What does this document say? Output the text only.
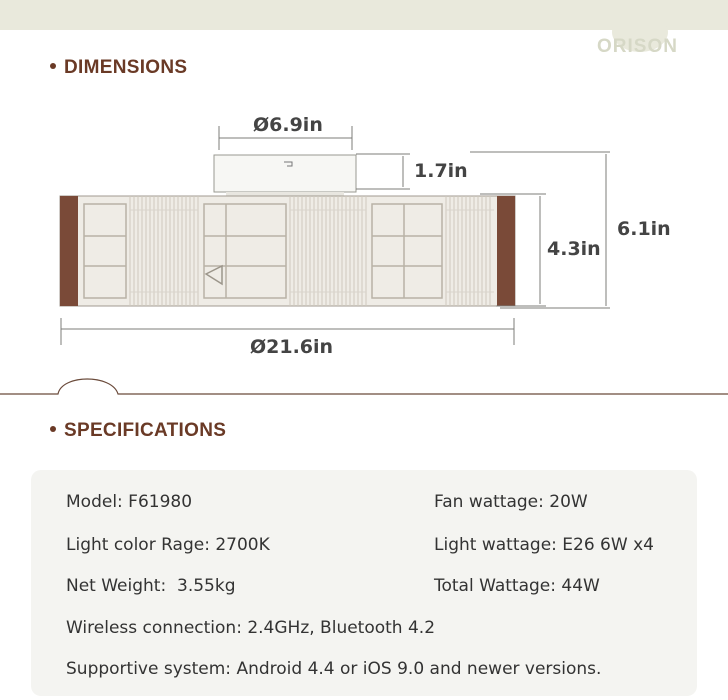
ORISON
DIMENSIONS
Ø6.9in
1.7in
4.3in
6.1in
Ø21.6in
SPECIFICATIONS
Model: F61980	Fan wattage: 20W
Light color Rage: 2700K	Light wattage: E26 6W x4
Net Weight:  3.55kg	Total Wattage: 44W
Wireless connection: 2.4GHz, Bluetooth 4.2
Supportive system: Android 4.4 or iOS 9.0 and newer versions.
